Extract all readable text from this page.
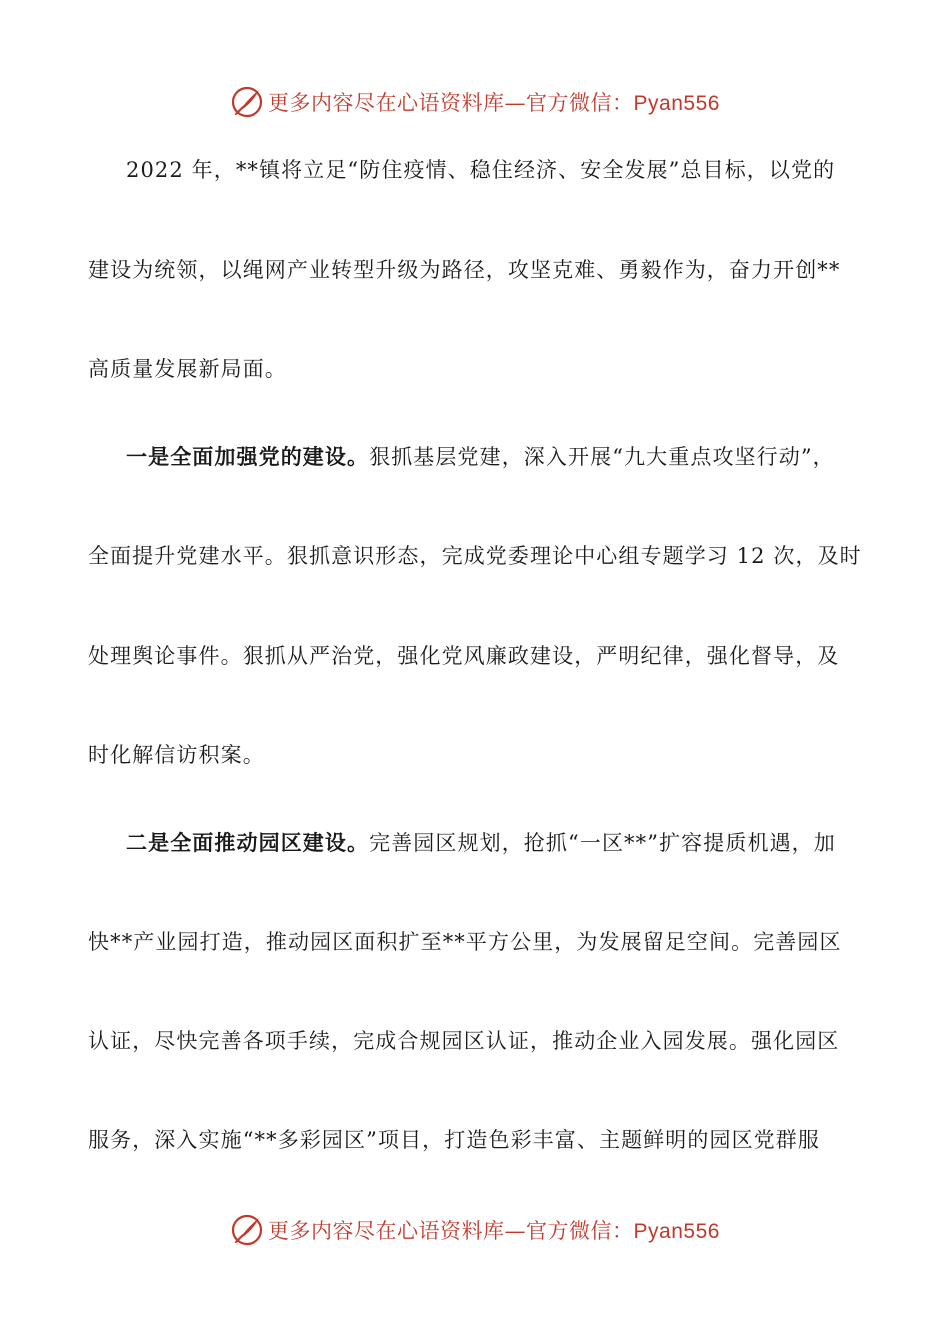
更多内容尽在心语资料库—官方微信：Pyan556
2022 年，**镇将立足“防住疫情、稳住经济、安全发展”总目标，以党的
建设为统领，以绳网产业转型升级为路径，攻坚克难、勇毅作为，奋力开创**
高质量发展新局面。
一是全面加强党的建设。狠抓基层党建，深入开展“九大重点攻坚行动”，
全面提升党建水平。狠抓意识形态，完成党委理论中心组专题学习 12 次，及时
处理舆论事件。狠抓从严治党，强化党风廉政建设，严明纪律，强化督导，及
时化解信访积案。
二是全面推动园区建设。完善园区规划，抢抓“一区**”扩容提质机遇，加
快**产业园打造，推动园区面积扩至**平方公里，为发展留足空间。完善园区
认证，尽快完善各项手续，完成合规园区认证，推动企业入园发展。强化园区
服务，深入实施“**多彩园区”项目，打造色彩丰富、主题鲜明的园区党群服
更多内容尽在心语资料库—官方微信：Pyan556
